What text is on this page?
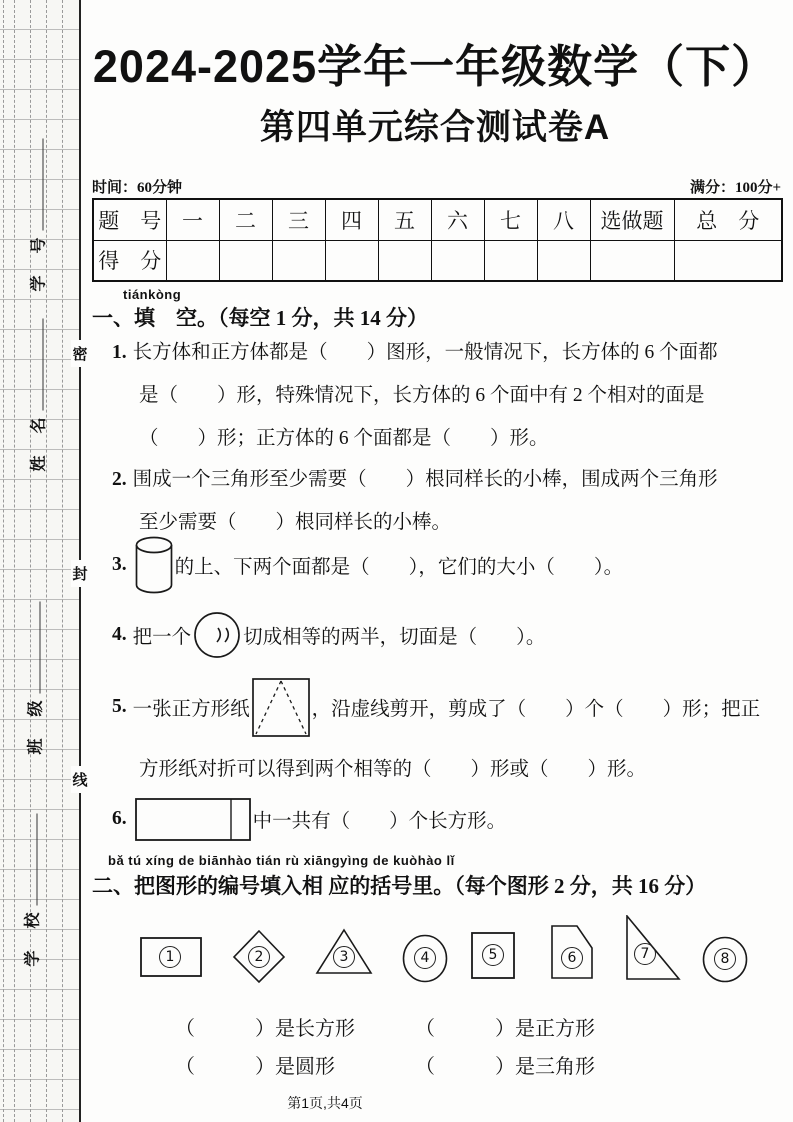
学　号
姓　名
班　级
学　校
密
封
线
2024-2025学年一年级数学（下）
第四单元综合测试卷A
时间：60分钟	满分：100分+
题　号	一	二	三	四	五	六	七	八	选做题	总　分
得　分										
tiánkòng
一、填　空。（每空 1 分，共 14 分）
1. 长方体和正方体都是（　　）图形，一般情况下，长方体的 6 个面都
是（　　）形，特殊情况下，长方体的 6 个面中有 2 个相对的面是
（　　）形；正方体的 6 个面都是（　　）形。
2. 围成一个三角形至少需要（　　）根同样长的小棒，围成两个三角形
至少需要（　　）根同样长的小棒。
3. 的上、下两个面都是（　　），它们的大小（　　）。
4. 把一个	切成相等的两半，切面是（　　）。
5. 一张正方形纸	，沿虚线剪开，剪成了（　　）个（　　）形；把正
方形纸对折可以得到两个相等的（　　）形或（　　）形。
6.	中一共有（　　）个长方形。
bǎ tú xíng de biānhào tián rù xiāngyìng de kuòhào lǐ
二、把图形的编号填入相 应的括号里。（每个图形 2 分，共 16 分）
1	2	3	4	5	6	7	8
（　　　）是长方形	（　　　）是正方形
（　　　）是圆形	（　　　）是三角形
第1页,共4页
